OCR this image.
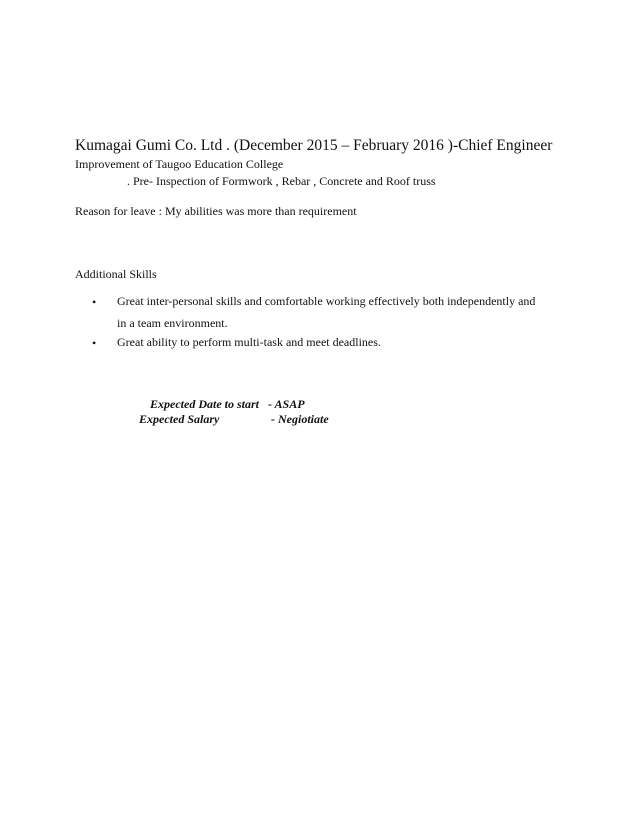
Kumagai Gumi Co. Ltd . (December 2015 – February 2016 )-Chief Engineer
Improvement of Taugoo Education College
. Pre- Inspection of Formwork , Rebar , Concrete and Roof truss
Reason for leave : My abilities was more than requirement
Additional Skills
• Great inter-personal skills and comfortable working effectively both independently and
in a team environment.
• Great ability to perform multi-task and meet deadlines.
Expected Date to start - ASAP
Expected Salary	- Negiotiate
